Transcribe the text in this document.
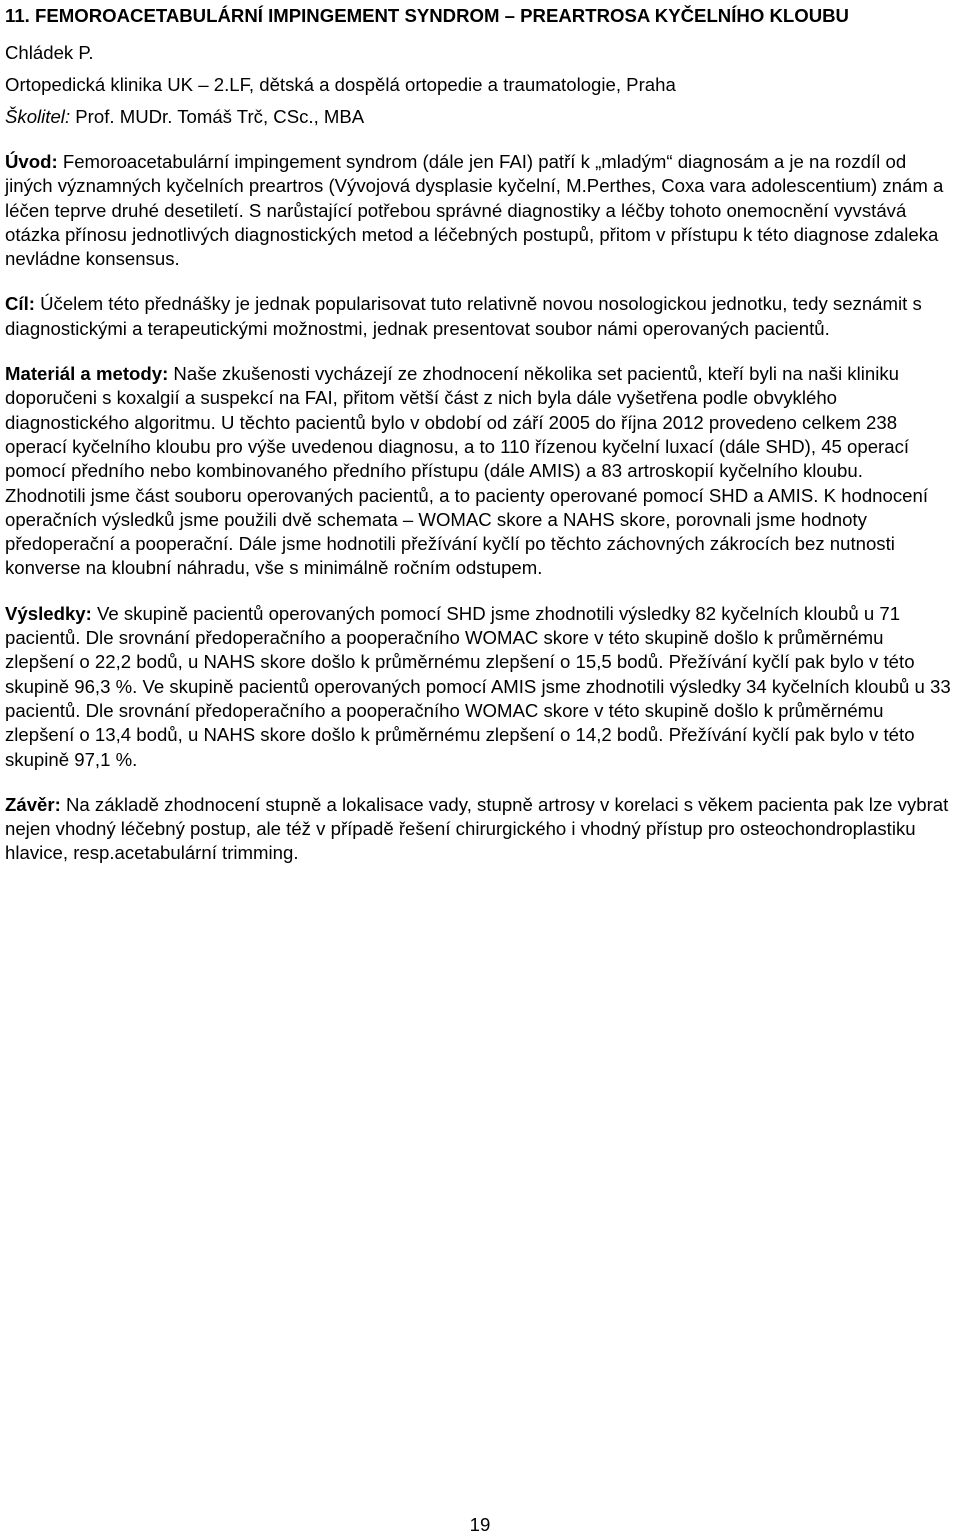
11. FEMOROACETABULÁRNÍ IMPINGEMENT SYNDROM – PREARTROSA KYČELNÍHO KLOUBU
Chládek P.
Ortopedická klinika UK – 2.LF, dětská a dospělá ortopedie a traumatologie, Praha
Školitel: Prof. MUDr. Tomáš Trč, CSc., MBA

Úvod: Femoroacetabulární impingement syndrom (dále jen FAI) patří k „mladým“ diagnosám a je na rozdíl od jiných významných kyčelních preartros (Vývojová dysplasie kyčelní, M.Perthes, Coxa vara adolescentium) znám a léčen teprve druhé desetiletí. S narůstající potřebou správné diagnostiky a léčby tohoto onemocnění vyvstává otázka přínosu jednotlivých diagnostických metod a léčebných postupů, přitom v přístupu k této diagnose zdaleka nevládne konsensus.

Cíl: Účelem této přednášky je jednak popularisovat tuto relativně novou nosologickou jednotku, tedy seznámit s diagnostickými a terapeutickými možnostmi, jednak presentovat soubor námi operovaných pacientů.

Materiál a metody: Naše zkušenosti vycházejí ze zhodnocení několika set pacientů, kteří byli na naši kliniku doporučeni s koxalgií a suspekcí na FAI, přitom větší část z nich byla dále vyšetřena podle obvyklého diagnostického algoritmu. U těchto pacientů bylo v období od září 2005 do října 2012 provedeno celkem 238 operací kyčelního kloubu pro výše uvedenou diagnosu, a to 110 řízenou kyčelní luxací (dále SHD), 45 operací pomocí předního nebo kombinovaného předního přístupu (dále AMIS) a 83 artroskopií kyčelního kloubu.

Zhodnotili jsme část souboru operovaných pacientů, a to pacienty operované pomocí SHD a AMIS. K hodnocení operačních výsledků jsme použili dvě schemata – WOMAC skore a NAHS skore, porovnali jsme hodnoty předoperační a pooperační. Dále jsme hodnotili přežívání kyčlí po těchto záchovných zákrocích bez nutnosti konverse na kloubní náhradu, vše s minimálně ročním odstupem.

Výsledky: Ve skupině pacientů operovaných pomocí SHD jsme zhodnotili výsledky 82 kyčelních kloubů u 71 pacientů. Dle srovnání předoperačního a pooperačního WOMAC skore v této skupině došlo k průměrnému zlepšení o 22,2 bodů, u NAHS skore došlo k průměrnému zlepšení o 15,5 bodů. Přežívání kyčlí pak bylo v této skupině 96,3 %. Ve skupině pacientů operovaných pomocí AMIS jsme zhodnotili výsledky 34 kyčelních kloubů u 33 pacientů. Dle srovnání předoperačního a pooperačního WOMAC skore v této skupině došlo k průměrnému zlepšení o 13,4 bodů, u NAHS skore došlo k průměrnému zlepšení o 14,2 bodů. Přežívání kyčlí pak bylo v této skupině 97,1 %.

Závěr: Na základě zhodnocení stupně a lokalisace vady, stupně artrosy v korelaci s věkem pacienta pak lze vybrat nejen vhodný léčebný postup, ale též v případě řešení chirurgického i vhodný přístup pro osteochondroplastiku hlavice, resp.acetabulární trimming.

19
